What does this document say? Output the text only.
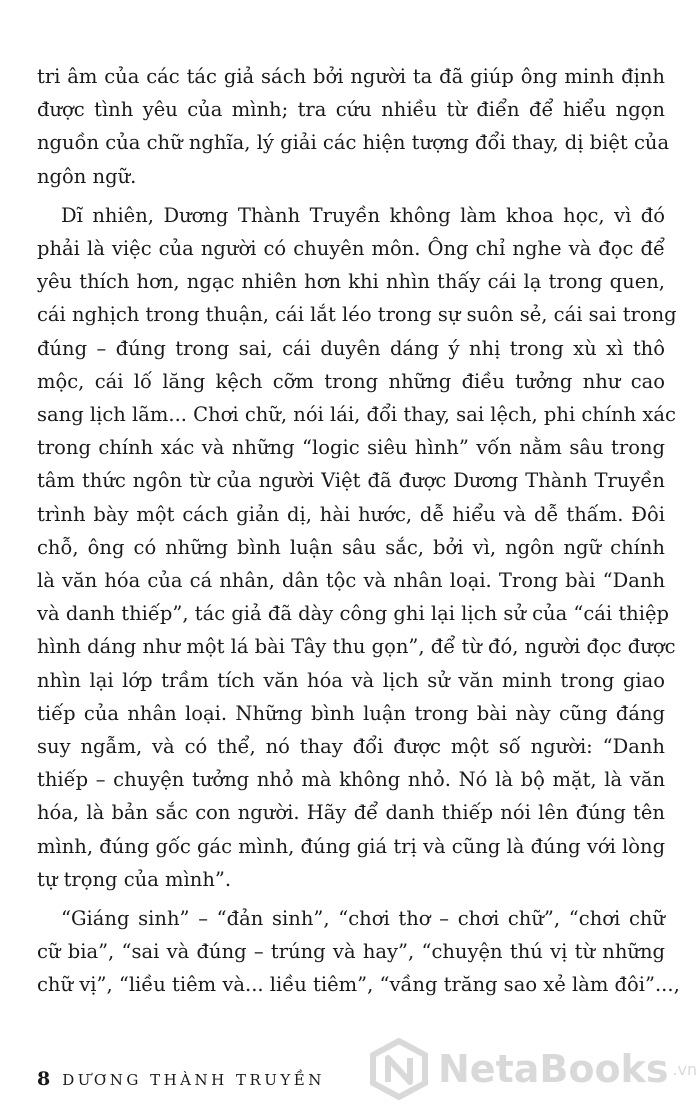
tri âm của các tác giả sách bởi người ta đã giúp ông minh định
được tình yêu của mình; tra cứu nhiều từ điển để hiểu ngọn
nguồn của chữ nghĩa, lý giải các hiện tượng đổi thay, dị biệt của
ngôn ngữ.
Dĩ nhiên, Dương Thành Truyền không làm khoa học, vì đó
phải là việc của người có chuyên môn. Ông chỉ nghe và đọc để
yêu thích hơn, ngạc nhiên hơn khi nhìn thấy cái lạ trong quen,
cái nghịch trong thuận, cái lắt léo trong sự suôn sẻ, cái sai trong
đúng – đúng trong sai, cái duyên dáng ý nhị trong xù xì thô
mộc, cái lố lăng kệch cỡm trong những điều tưởng như cao
sang lịch lãm... Chơi chữ, nói lái, đổi thay, sai lệch, phi chính xác
trong chính xác và những “logic siêu hình” vốn nằm sâu trong
tâm thức ngôn từ của người Việt đã được Dương Thành Truyền
trình bày một cách giản dị, hài hước, dễ hiểu và dễ thấm. Đôi
chỗ, ông có những bình luận sâu sắc, bởi vì, ngôn ngữ chính
là văn hóa của cá nhân, dân tộc và nhân loại. Trong bài “Danh
và danh thiếp”, tác giả đã dày công ghi lại lịch sử của “cái thiệp
hình dáng như một lá bài Tây thu gọn”, để từ đó, người đọc được
nhìn lại lớp trầm tích văn hóa và lịch sử văn minh trong giao
tiếp của nhân loại. Những bình luận trong bài này cũng đáng
suy ngẫm, và có thể, nó thay đổi được một số người: “Danh
thiếp – chuyện tưởng nhỏ mà không nhỏ. Nó là bộ mặt, là văn
hóa, là bản sắc con người. Hãy để danh thiếp nói lên đúng tên
mình, đúng gốc gác mình, đúng giá trị và cũng là đúng với lòng
tự trọng của mình”.
“Giáng sinh” – “đản sinh”, “chơi thơ – chơi chữ”, “chơi chữ
cữ bia”, “sai và đúng – trúng và hay”, “chuyện thú vị từ những
chữ vị”, “liều tiêm và... liều tiêm”, “vầng trăng sao xẻ làm đôi”...,
8 DƯƠNG THÀNH TRUYỀN	NetaBooks .vn
